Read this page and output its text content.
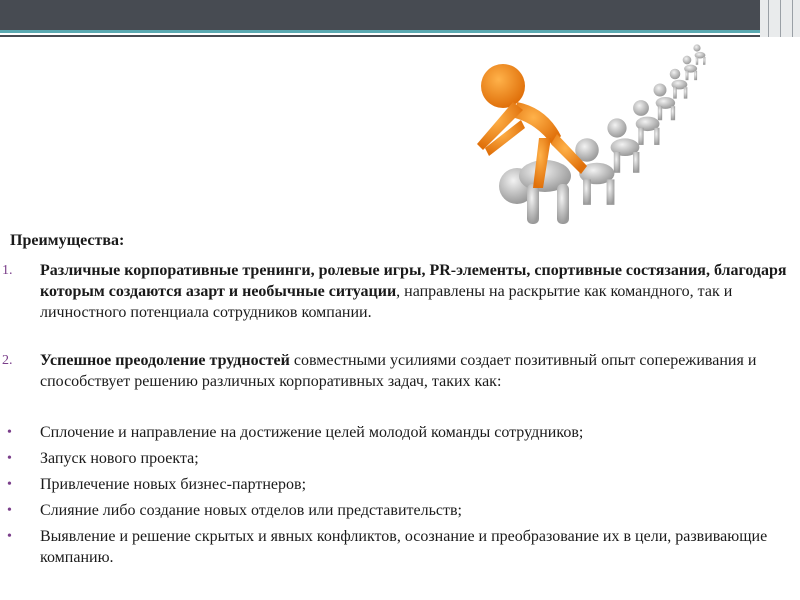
Преимущества:
1. Различные корпоративные тренинги, ролевые игры, PR-элементы, спортивные состязания, благодаря которым создаются азарт и необычные ситуации, направлены на раскрытие как командного, так и личностного потенциала сотрудников компании.
2. Успешное преодоление трудностей совместными усилиями создает позитивный опыт сопереживания и способствует решению различных корпоративных задач, таких как:
• Сплочение и направление на достижение целей молодой команды сотрудников;
• Запуск нового проекта;
• Привлечение новых бизнес-партнеров;
• Слияние либо создание новых отделов или представительств;
• Выявление и решение скрытых и явных конфликтов, осознание и преобразование их в цели, развивающие компанию.
